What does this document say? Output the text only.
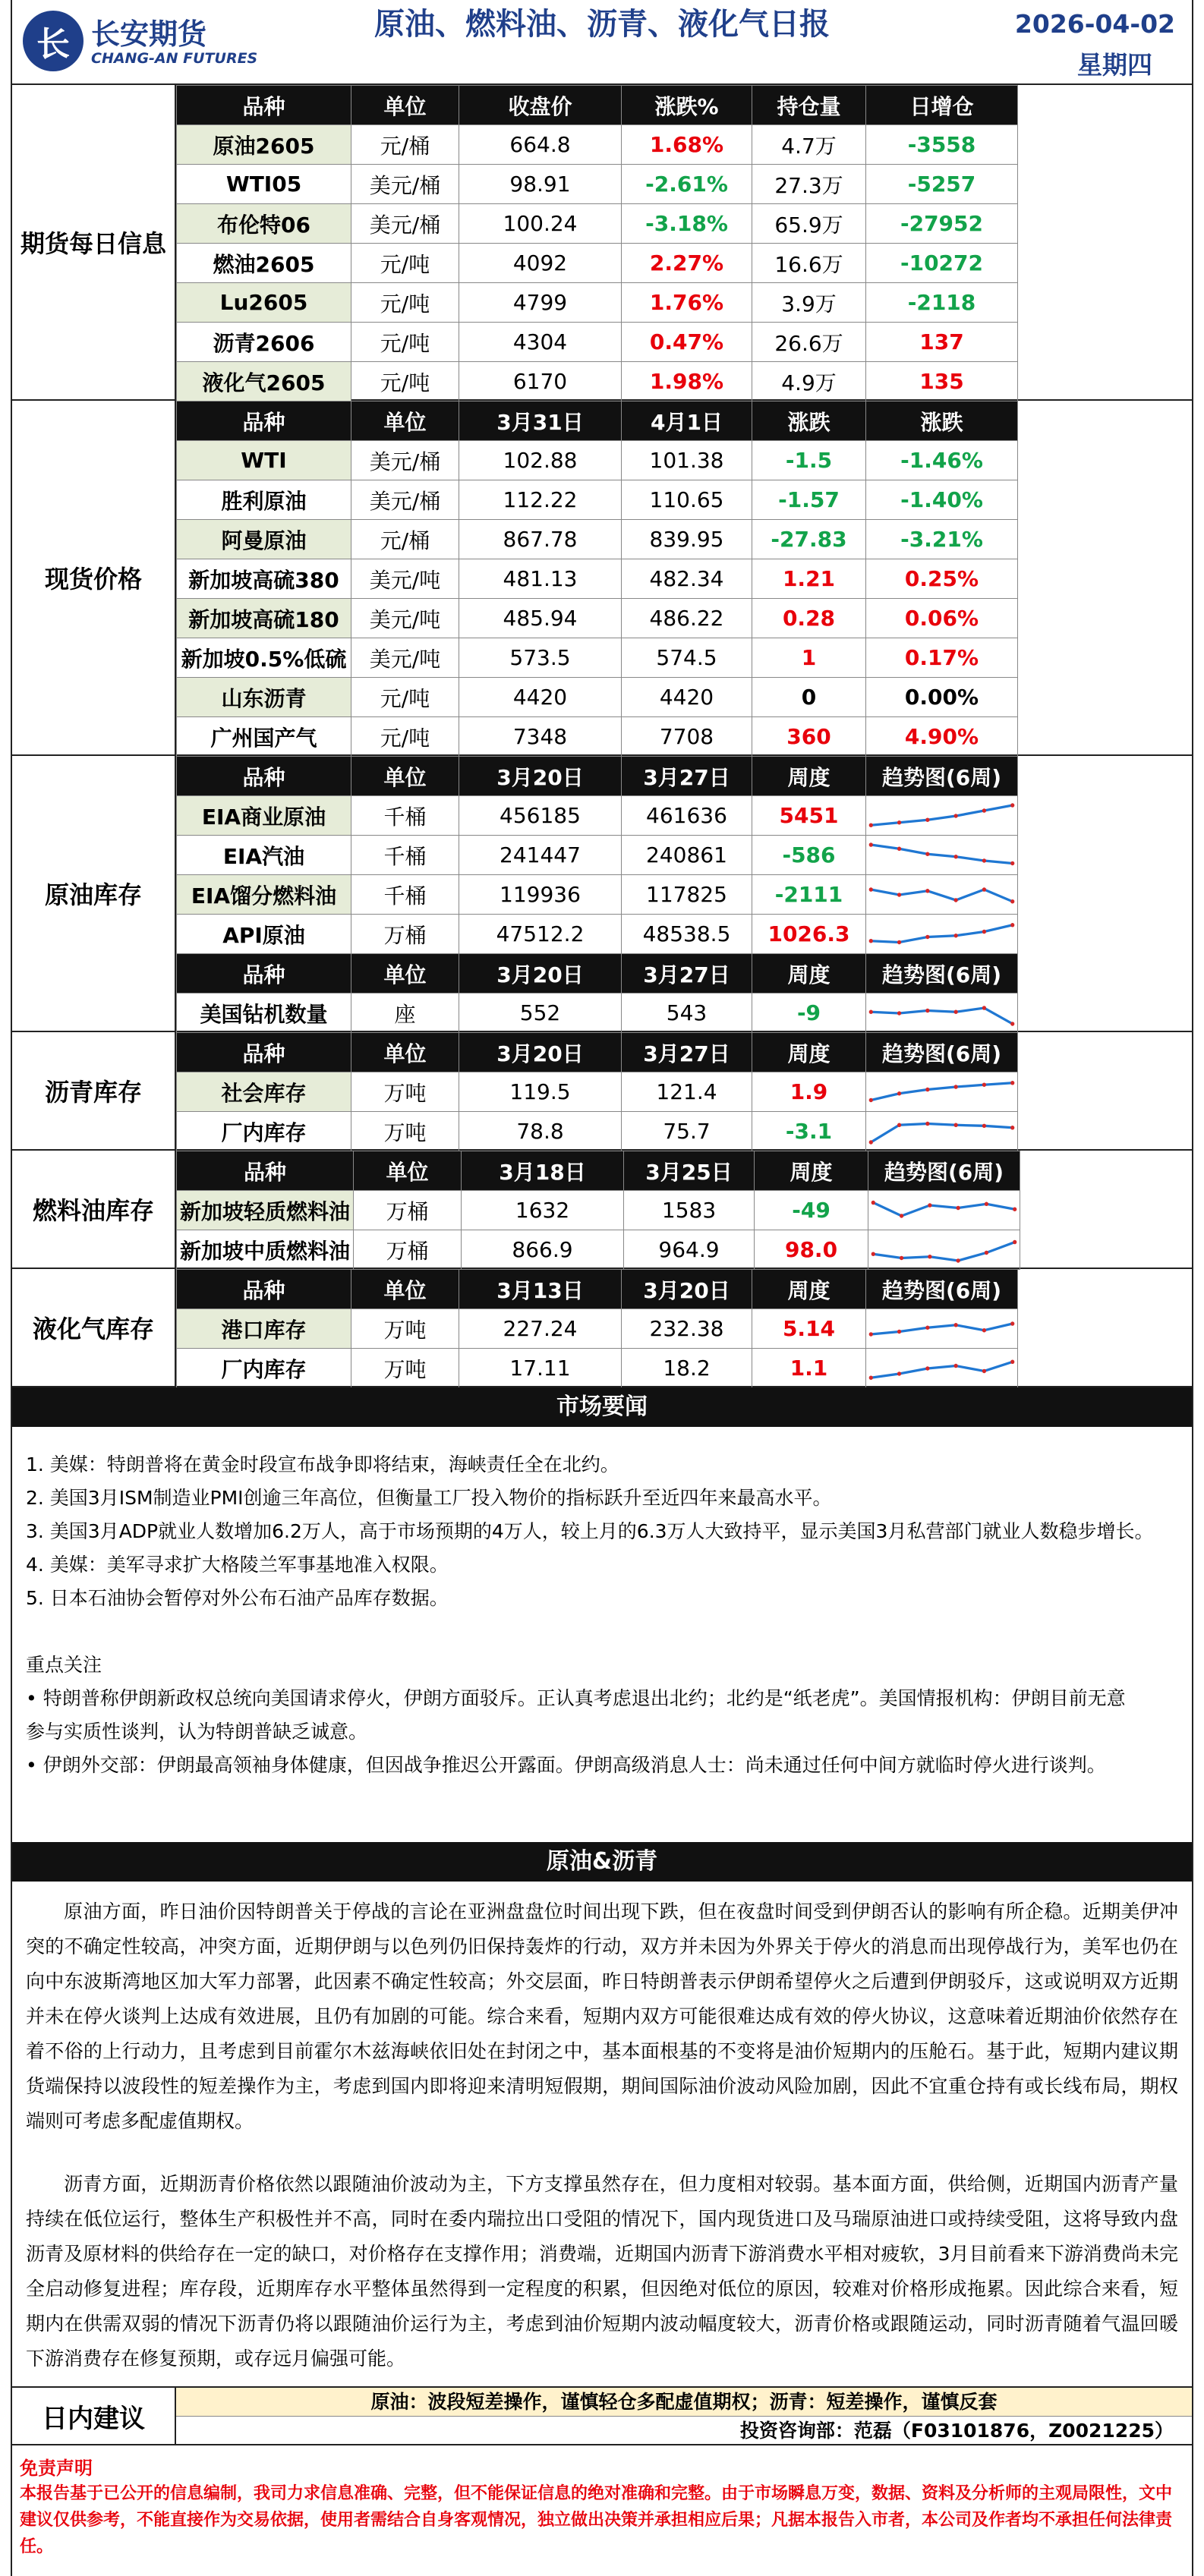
长 长安期货
CHANG-AN FUTURES
原油、燃料油、沥青、液化气日报	2026-04-02
星期四
期货每日信息
品种	单位	收盘价	涨跌%	持仓量	日增仓
原油2605	元/桶	664.8	1.68%	4.7万	-3558
WTI05	美元/桶	98.91	-2.61%	27.3万	-5257
布伦特06	美元/桶	100.24	-3.18%	65.9万	-27952
燃油2605	元/吨	4092	2.27%	16.6万	-10272
Lu2605	元/吨	4799	1.76%	3.9万	-2118
沥青2606	元/吨	4304	0.47%	26.6万	137
液化气2605	元/吨	6170	1.98%	4.9万	135
现货价格
品种	单位	3月31日	4月1日	涨跌	涨跌
WTI	美元/桶	102.88	101.38	-1.5	-1.46%
胜利原油	美元/桶	112.22	110.65	-1.57	-1.40%
阿曼原油	元/桶	867.78	839.95	-27.83	-3.21%
新加坡高硫380	美元/吨	481.13	482.34	1.21	0.25%
新加坡高硫180	美元/吨	485.94	486.22	0.28	0.06%
新加坡0.5%低硫	美元/吨	573.5	574.5	1	0.17%
山东沥青	元/吨	4420	4420	0	0.00%
广州国产气	元/吨	7348	7708	360	4.90%
原油库存
品种	单位	3月20日	3月27日	周度	趋势图(6周)
EIA商业原油	千桶	456185	461636	5451	

EIA汽油	千桶	241447	240861	-586	

EIA馏分燃料油	千桶	119936	117825	-2111	

API原油	万桶	47512.2	48538.5	1026.3	

品种	单位	3月20日	3月27日	周度	趋势图(6周)
美国钻机数量	座	552	543	-9	
沥青库存
品种	单位	3月20日	3月27日	周度	趋势图(6周)
社会库存	万吨	119.5	121.4	1.9	

厂内库存	万吨	78.8	75.7	-3.1	
燃料油库存
品种	单位	3月18日	3月25日	周度	趋势图(6周)
新加坡轻质燃料油	万桶	1632	1583	-49	

新加坡中质燃料油	万桶	866.9	964.9	98.0	
液化气库存
品种	单位	3月13日	3月20日	周度	趋势图(6周)
港口库存	万吨	227.24	232.38	5.14	

厂内库存	万吨	17.11	18.2	1.1	
市场要闻

1. 美媒：特朗普将在黄金时段宣布战争即将结束，海峡责任全在北约。

2. 美国3月ISM制造业PMI创逾三年高位，但衡量工厂投入物价的指标跃升至近四年来最高水平。

3. 美国3月ADP就业人数增加6.2万人，高于市场预期的4万人，较上月的6.3万人大致持平，显示美国3月私营部门就业人数稳步增长。

4. 美媒：美军寻求扩大格陵兰军事基地准入权限。

5. 日本石油协会暂停对外公布石油产品库存数据。

重点关注

• 特朗普称伊朗新政权总统向美国请求停火，伊朗方面驳斥。正认真考虑退出北约；北约是“纸老虎”。美国情报机构：伊朗目前无意

参与实质性谈判，认为特朗普缺乏诚意。

• 伊朗外交部：伊朗最高领袖身体健康，但因战争推迟公开露面。伊朗高级消息人士：尚未通过任何中间方就临时停火进行谈判。

原油&沥青
原油方面，昨日油价因特朗普关于停战的言论在亚洲盘盘位时间出现下跌，但在夜盘时间受到伊朗否认的影响有所企稳。近期美伊冲突的不确定性较高，冲突方面，近期伊朗与以色列仍旧保持轰炸的行动，双方并未因为外界关于停火的消息而出现停战行为，美军也仍在向中东波斯湾地区加大军力部署，此因素不确定性较高；外交层面，昨日特朗普表示伊朗希望停火之后遭到伊朗驳斥，这或说明双方近期并未在停火谈判上达成有效进展，且仍有加剧的可能。综合来看，短期内双方可能很难达成有效的停火协议，这意味着近期油价依然存在着不俗的上行动力，且考虑到目前霍尔木兹海峡依旧处在封闭之中，基本面根基的不变将是油价短期内的压舱石。基于此，短期内建议期货端保持以波段性的短差操作为主，考虑到国内即将迎来清明短假期，期间国际油价波动风险加剧，因此不宜重仓持有或长线布局，期权端则可考虑多配虚值期权。
沥青方面，近期沥青价格依然以跟随油价波动为主，下方支撑虽然存在，但力度相对较弱。基本面方面，供给侧，近期国内沥青产量持续在低位运行，整体生产积极性并不高，同时在委内瑞拉出口受阻的情况下，国内现货进口及马瑞原油进口或持续受阻，这将导致内盘沥青及原材料的供给存在一定的缺口，对价格存在支撑作用；消费端，近期国内沥青下游消费水平相对疲软，3月目前看来下游消费尚未完全启动修复进程；库存段，近期库存水平整体虽然得到一定程度的积累，但因绝对低位的原因，较难对价格形成拖累。因此综合来看，短期内在供需双弱的情况下沥青仍将以跟随油价运行为主，考虑到油价短期内波动幅度较大，沥青价格或跟随运动，同时沥青随着气温回暖下游消费存在修复预期，或存远月偏强可能。
日内建议
原油：波段短差操作，谨慎轻仓多配虚值期权；沥青：短差操作，谨慎反套
投资咨询部：范磊（F03101876，Z0021225）
免责声明
本报告基于已公开的信息编制，我司力求信息准确、完整，但不能保证信息的绝对准确和完整。由于市场瞬息万变，数据、资料及分析师的主观局限性，文中建议仅供参考，不能直接作为交易依据，使用者需结合自身客观情况，独立做出决策并承担相应后果；凡据本报告入市者，本公司及作者均不承担任何法律责任。
